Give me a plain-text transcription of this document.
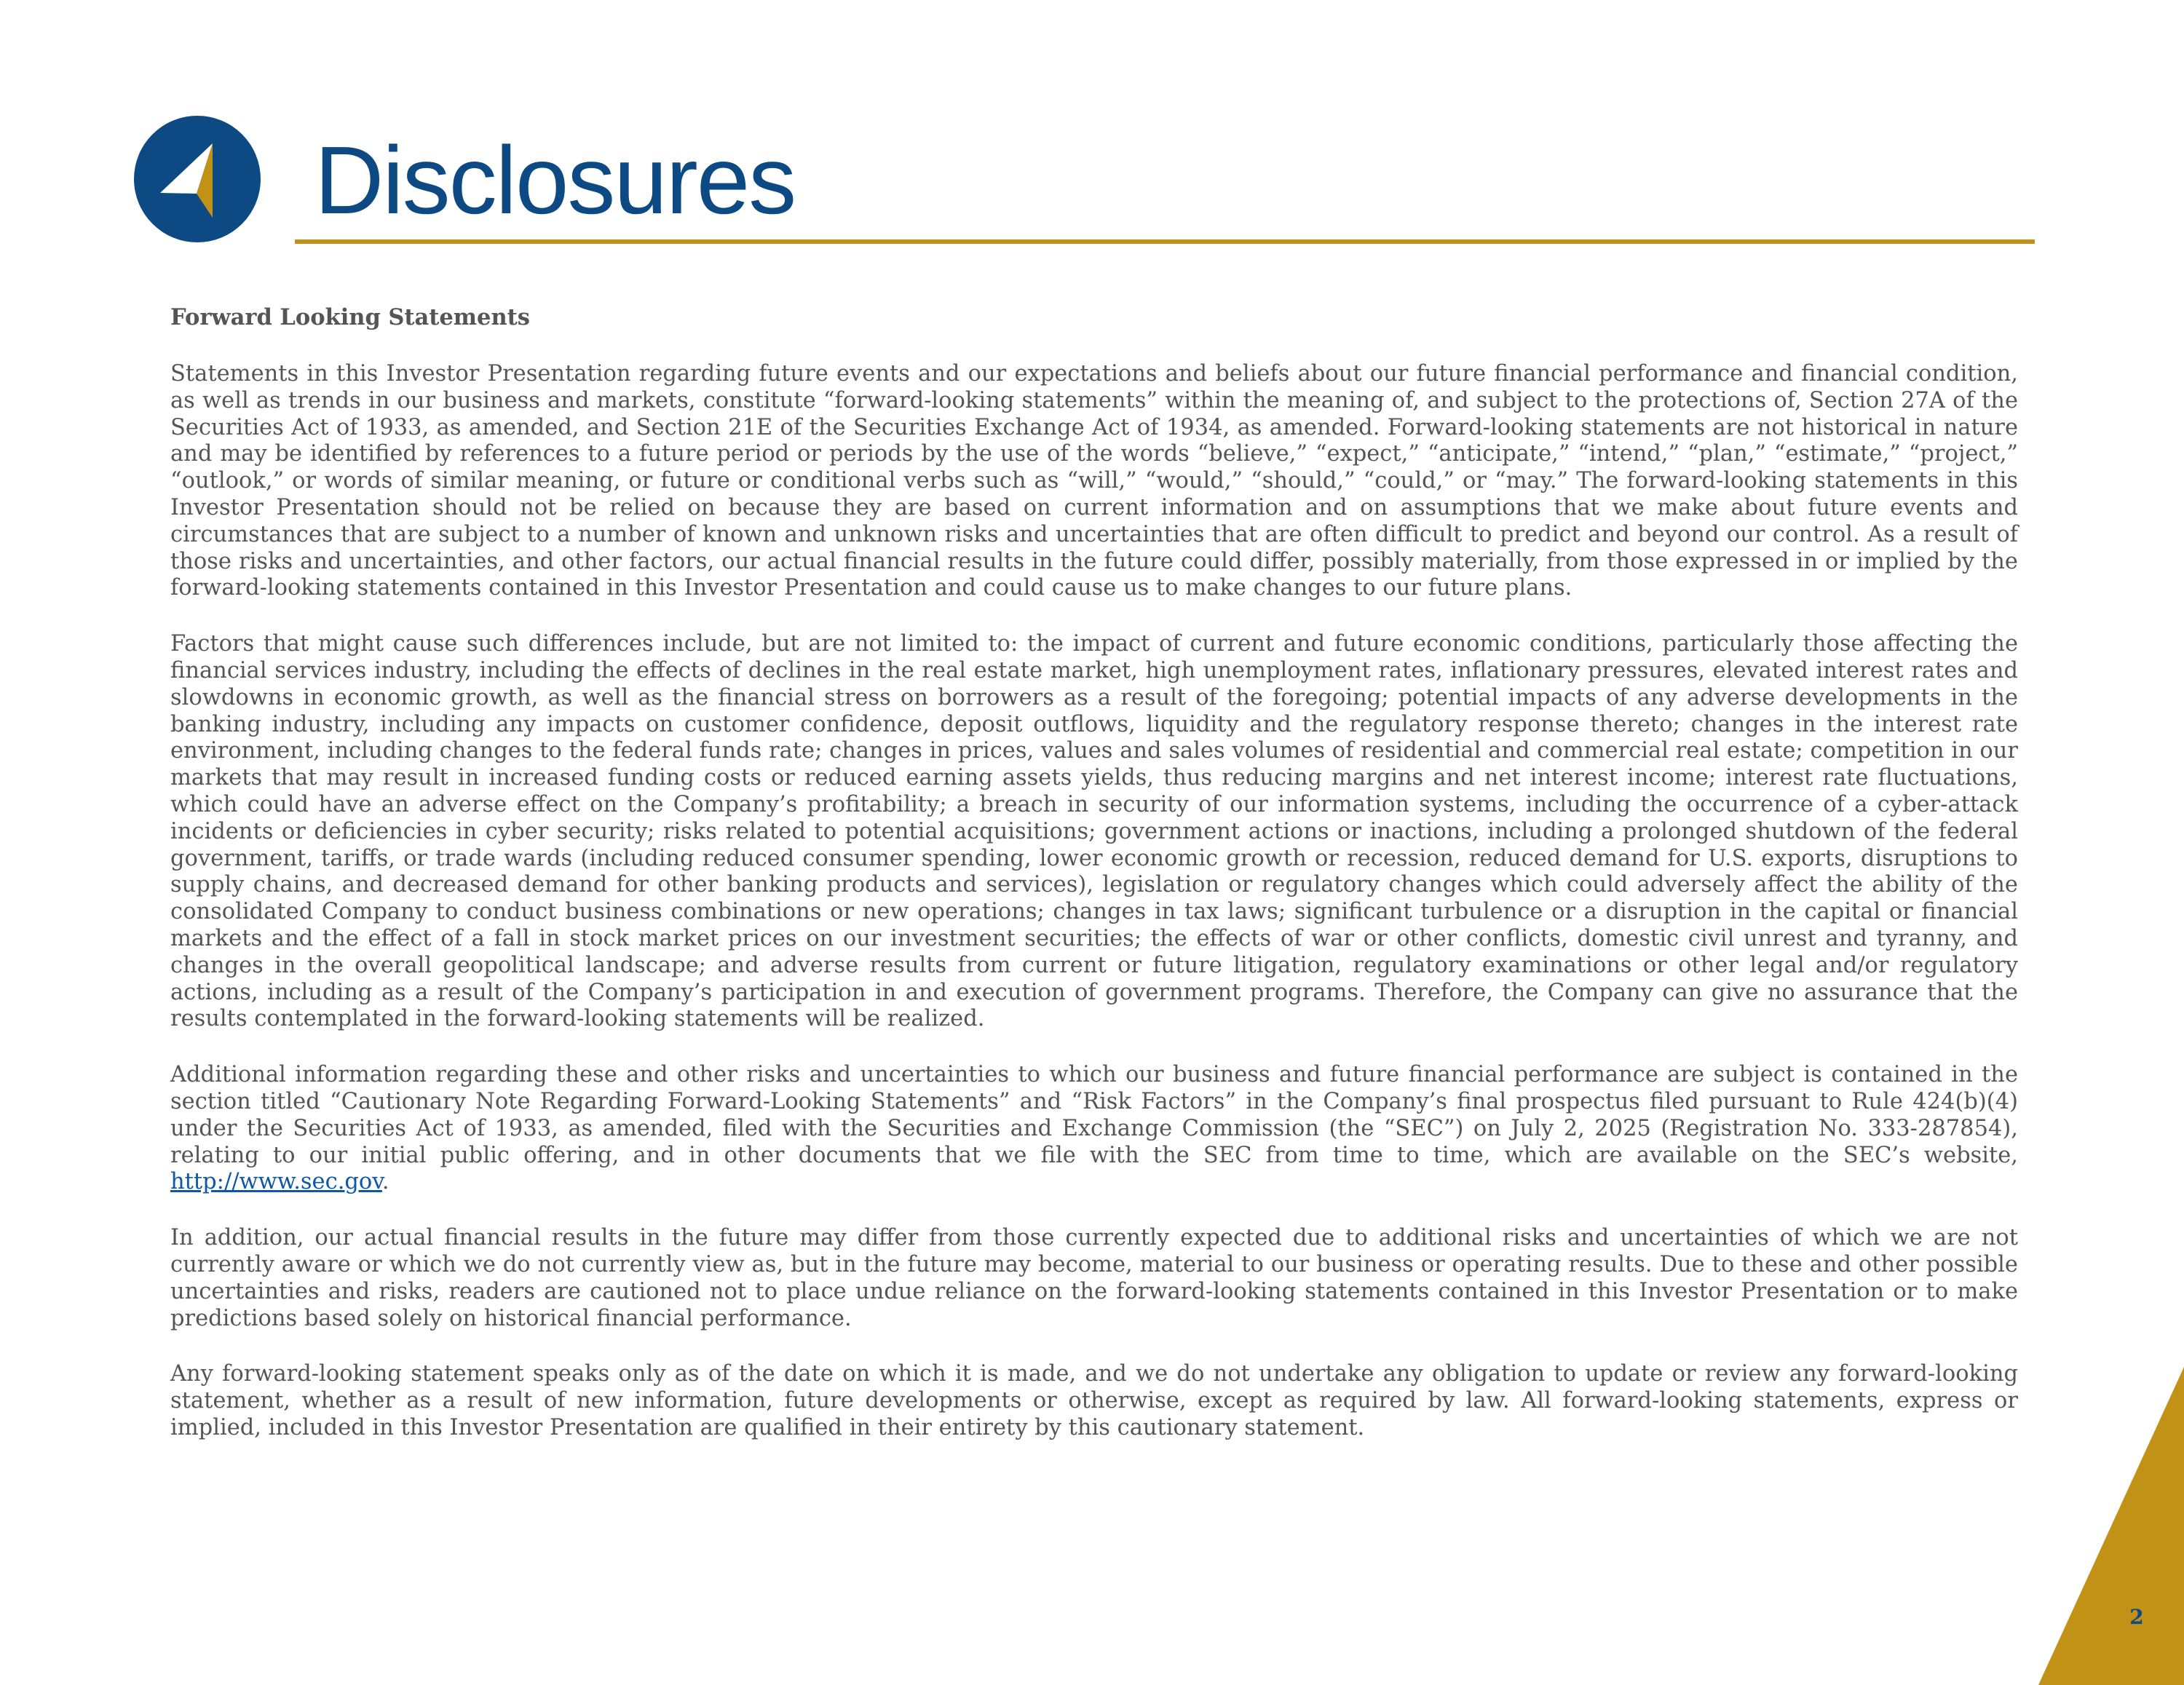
Disclosures
Forward Looking Statements

Statements in this Investor Presentation regarding future events and our expectations and beliefs about our future financial performance and financial condition, as well as trends in our business and markets, constitute “forward-looking statements” within the meaning of, and subject to the protections of, Section 27A of the Securities Act of 1933, as amended, and Section 21E of the Securities Exchange Act of 1934, as amended. Forward-looking statements are not historical in nature and may be identified by references to a future period or periods by the use of the words “believe,” “expect,” “anticipate,” “intend,” “plan,” “estimate,” “project,” “outlook,” or words of similar meaning, or future or conditional verbs such as “will,” “would,” “should,” “could,” or “may.” The forward-looking statements in this Investor Presentation should not be relied on because they are based on current information and on assumptions that we make about future events and circumstances that are subject to a number of known and unknown risks and uncertainties that are often difficult to predict and beyond our control. As a result of those risks and uncertainties, and other factors, our actual financial results in the future could differ, possibly materially, from those expressed in or implied by the forward-looking statements contained in this Investor Presentation and could cause us to make changes to our future plans.

Factors that might cause such differences include, but are not limited to: the impact of current and future economic conditions, particularly those affecting the financial services industry, including the effects of declines in the real estate market, high unemployment rates, inflationary pressures, elevated interest rates and slowdowns in economic growth, as well as the financial stress on borrowers as a result of the foregoing; potential impacts of any adverse developments in the banking industry, including any impacts on customer confidence, deposit outflows, liquidity and the regulatory response thereto; changes in the interest rate environment, including changes to the federal funds rate; changes in prices, values and sales volumes of residential and commercial real estate; competition in our markets that may result in increased funding costs or reduced earning assets yields, thus reducing margins and net interest income; interest rate fluctuations, which could have an adverse effect on the Company’s profitability; a breach in security of our information systems, including the occurrence of a cyber-attack incidents or deficiencies in cyber security; risks related to potential acquisitions; government actions or inactions, including a prolonged shutdown of the federal government, tariffs, or trade wards (including reduced consumer spending, lower economic growth or recession, reduced demand for U.S. exports, disruptions to supply chains, and decreased demand for other banking products and services), legislation or regulatory changes which could adversely affect the ability of the consolidated Company to conduct business combinations or new operations; changes in tax laws; significant turbulence or a disruption in the capital or financial markets and the effect of a fall in stock market prices on our investment securities; the effects of war or other conflicts, domestic civil unrest and tyranny, and changes in the overall geopolitical landscape; and adverse results from current or future litigation, regulatory examinations or other legal and/or regulatory actions, including as a result of the Company’s participation in and execution of government programs. Therefore, the Company can give no assurance that the results contemplated in the forward-looking statements will be realized.

Additional information regarding these and other risks and uncertainties to which our business and future financial performance are subject is contained in the section titled “Cautionary Note Regarding Forward-Looking Statements” and “Risk Factors” in the Company’s final prospectus filed pursuant to Rule 424(b)(4) under the Securities Act of 1933, as amended, filed with the Securities and Exchange Commission (the “SEC”) on July 2, 2025 (Registration No. 333-287854), relating to our initial public offering, and in other documents that we file with the SEC from time to time, which are available on the SEC’s website, http://www.sec.gov.

In addition, our actual financial results in the future may differ from those currently expected due to additional risks and uncertainties of which we are not currently aware or which we do not currently view as, but in the future may become, material to our business or operating results. Due to these and other possible uncertainties and risks, readers are cautioned not to place undue reliance on the forward-looking statements contained in this Investor Presentation or to make predictions based solely on historical financial performance.

Any forward-looking statement speaks only as of the date on which it is made, and we do not undertake any obligation to update or review any forward-looking statement, whether as a result of new information, future developments or otherwise, except as required by law. All forward-looking statements, express or implied, included in this Investor Presentation are qualified in their entirety by this cautionary statement.

2
